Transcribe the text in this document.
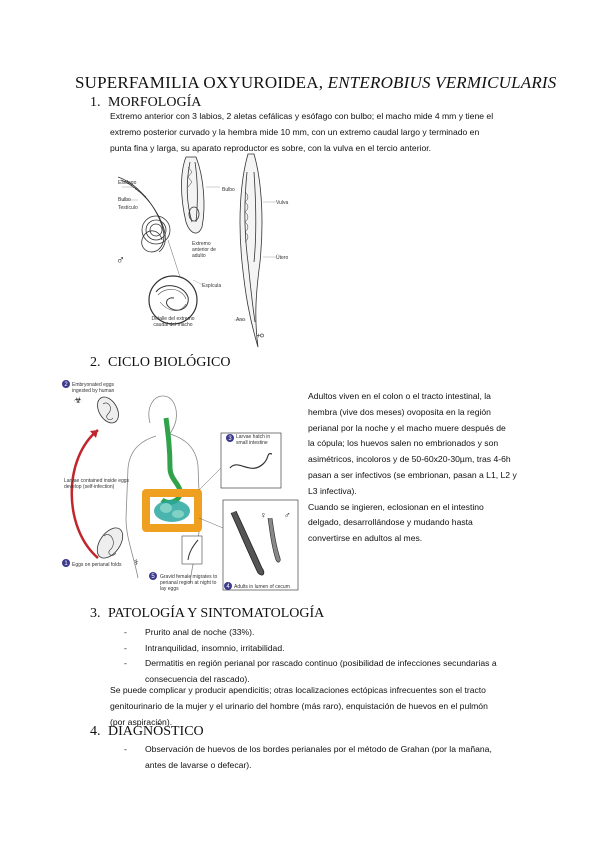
SUPERFAMILIA OXYUROIDEA, ENTEROBIUS VERMICULARIS
1. MORFOLOGÍA
Extremo anterior con 3 labios, 2 aletas cefálicas y esófago con bulbo; el macho mide 4 mm y tiene el
extremo posterior curvado y la hembra mide 10 mm, con un extremo caudal largo y terminado en
punta fina y larga, su aparato reproductor es sobre, con la vulva en el tercio anterior.
Esófago
Bulbo
Testículo
Bulbo
Extremo anterior de adulto
Vulva
Útero
Ano
Espícula
Detalle del extremo caudal del macho
♂
♀
2. CICLO BIOLÓGICO
2
1
3
4
5
Embryonated eggs ingested by human
☣
Eggs on perianal folds ⚕
Larvae contained inside eggs develop (self-infection)
Larvae hatch in small intestine
Adults in lumen of cecum
Gravid female migrates to perianal region at night to lay eggs
♀ ♂
Adultos viven en el colon o el tracto intestinal, la
hembra (vive dos meses) ovoposita en la región
perianal por la noche y el macho muere después de
la cópula; los huevos salen no embrionados y son
asimétricos, incoloros y de 50-60x20-30µm, tras 4-6h
pasan a ser infectivos (se embrionan, pasan a L1, L2 y
L3 infectiva).
Cuando se ingieren, eclosionan en el intestino
delgado, desarrollándose y mudando hasta
convertirse en adultos al mes.
3. PATOLOGÍA Y SINTOMATOLOGÍA
- Prurito anal de noche (33%).
- Intranquilidad, insomnio, irritabilidad.
- Dermatitis en región perianal por rascado continuo (posibilidad de infecciones secundarias a
consecuencia del rascado).
Se puede complicar y producir apendicitis; otras localizaciones ectópicas infrecuentes son el tracto
genitourinario de la mujer y el urinario del hombre (más raro), enquistación de huevos en el pulmón
(por aspiración).
4. DIAGNÓSTICO
- Observación de huevos de los bordes perianales por el método de Grahan (por la mañana,
antes de lavarse o defecar).
